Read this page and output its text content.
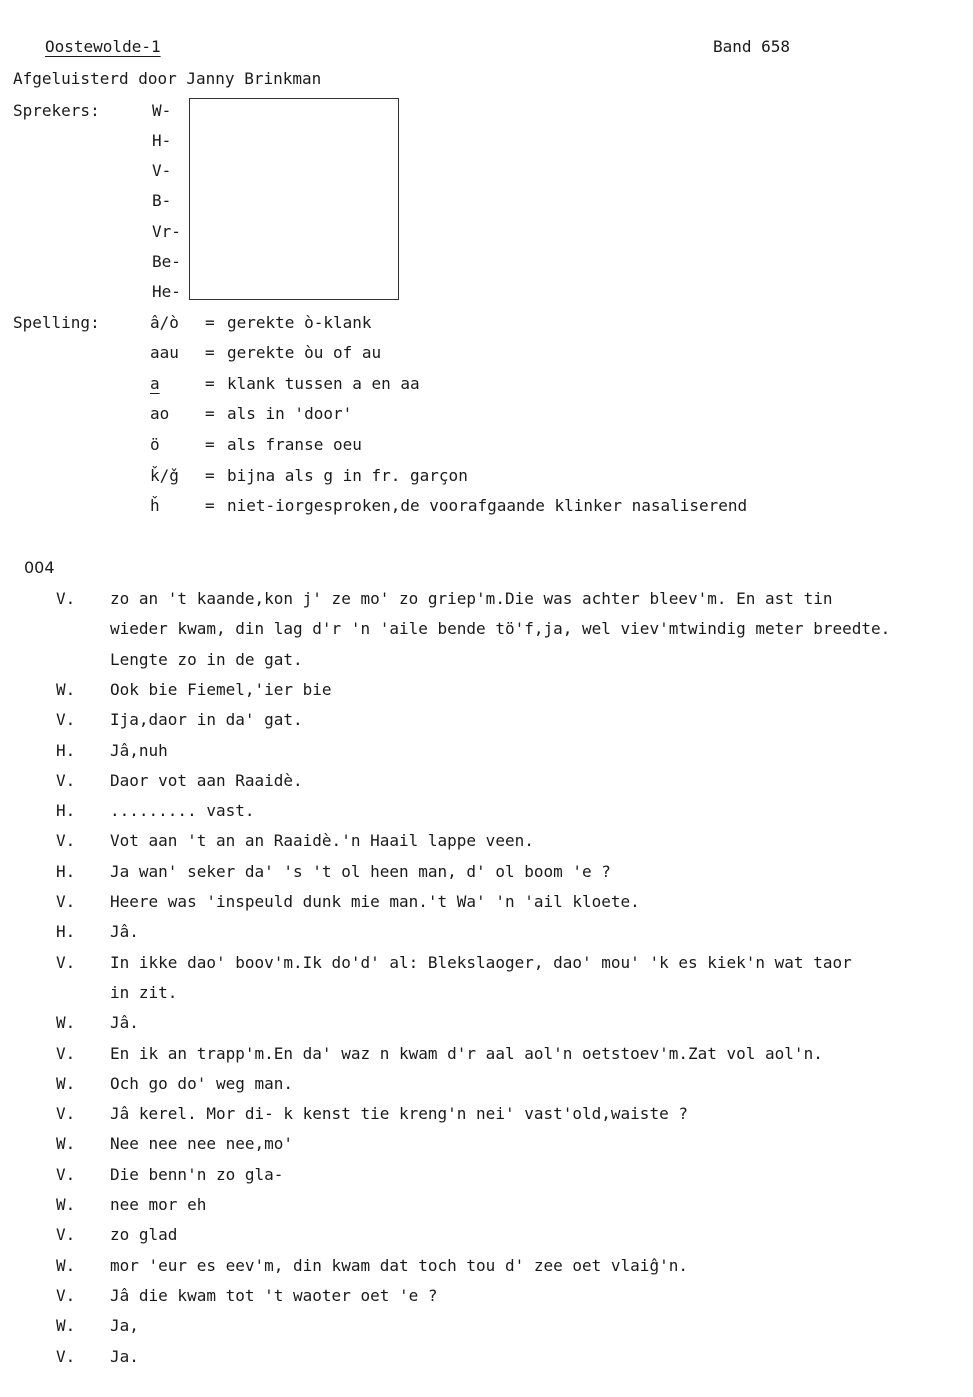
Oostewolde-1	Band 658
Afgeluisterd door Janny Brinkman
Sprekers:	W-
H-
V-
B-
Vr-
Be-
He-
Spelling:	â/ò = gerekte ò-klank
aau = gerekte òu of au
a	= klank tussen a en aa
ao = als in 'door'
ö	= als franse oeu
ǩ/ǧ = bijna als g in fr. garçon
ȟ	= niet-iorgesproken,de voorafgaande klinker nasaliserend
004
V. zo an 't kaande,kon j' ze mo' zo griep'm.Die was achter bleev'm. En ast tin
wieder kwam, din lag d'r 'n 'aile bende tö'f,ja, wel viev'mtwindig meter breedte.
Lengte zo in de gat.
W. Ook bie Fiemel,'ier bie
V. Ija,daor in da' gat.
H. Jâ,nuh
V. Daor vot aan Raaidè.
H. ......... vast.
V. Vot aan 't an an Raaidè.'n Haail lappe veen.
H. Ja wan' seker da' 's 't ol heen man, d' ol boom 'e ?
V. Heere was 'inspeuld dunk mie man.'t Wa' 'n 'ail kloete.
H. Jâ.
V. In ikke dao' boov'm.Ik do'd' al: Blekslaoger, dao' mou' 'k es kiek'n wat taor
in zit.
W. Jâ.
V. En ik an trapp'm.En da' waz n kwam d'r aal aol'n oetstoev'm.Zat vol aol'n.
W. Och go do' weg man.
V. Jâ kerel. Mor di- k kenst tie kreng'n nei' vast'old,waiste ?
W. Nee nee nee nee,mo'
V. Die benn'n zo gla-
W. nee mor eh
V. zo glad
W. mor 'eur es eev'm, din kwam dat toch tou d' zee oet vlaiĝ'n.
V. Jâ die kwam tot 't waoter oet 'e ?
W. Ja,
V. Ja.
